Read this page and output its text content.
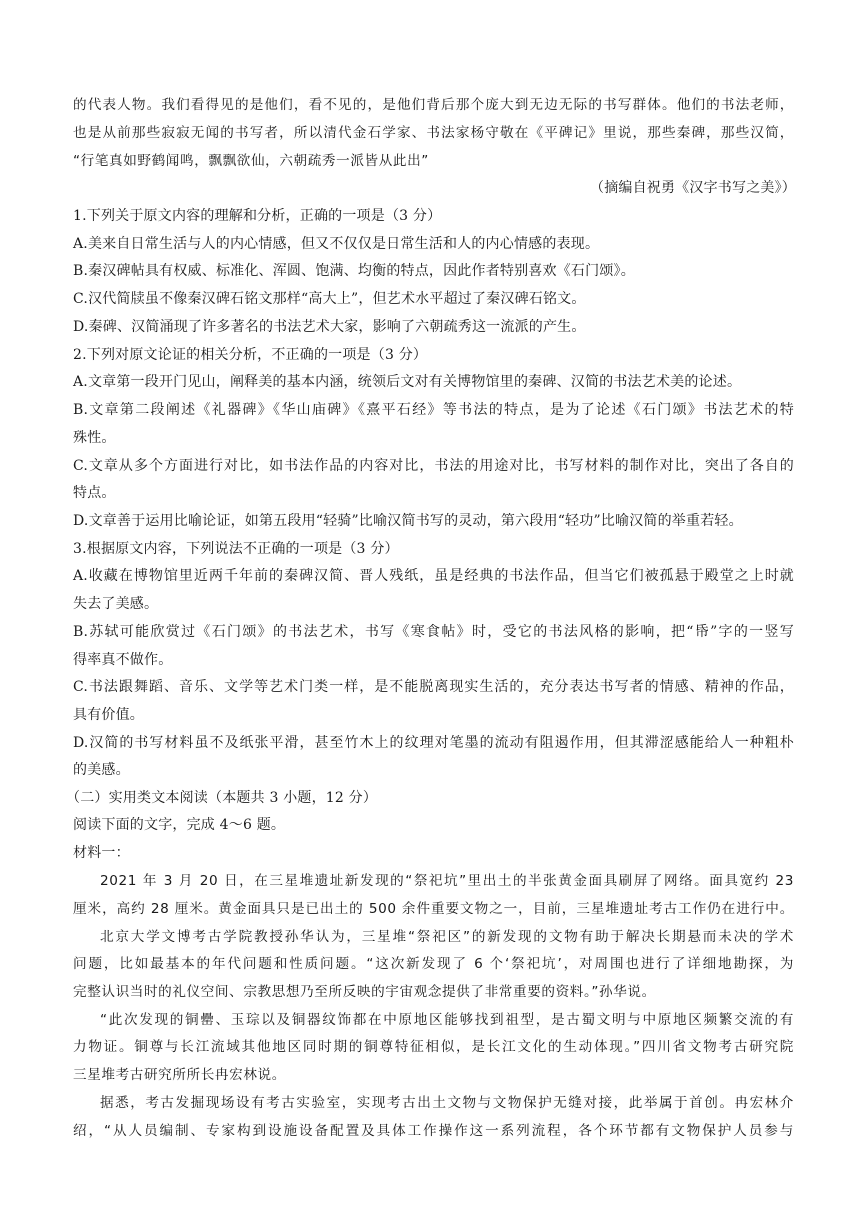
的代表人物。我们看得见的是他们，看不见的，是他们背后那个庞大到无边无际的书写群体。他们的书法老师，
也是从前那些寂寂无闻的书写者，所以清代金石学家、书法家杨守敬在《平碑记》里说，那些秦碑，那些汉简，
“行笔真如野鹤闻鸣，飘飘欲仙，六朝疏秀一派皆从此出”
（摘编自祝勇《汉字书写之美》）
1.下列关于原文内容的理解和分析，正确的一项是（3 分）
A.美来自日常生活与人的内心情感，但又不仅仅是日常生活和人的内心情感的表现。
B.秦汉碑帖具有权威、标准化、浑圆、饱满、均衡的特点，因此作者特别喜欢《石门颂》。
C.汉代简牍虽不像秦汉碑石铭文那样“高大上”，但艺术水平超过了秦汉碑石铭文。
D.秦碑、汉简涌现了许多著名的书法艺术大家，影响了六朝疏秀这一流派的产生。
2.下列对原文论证的相关分析，不正确的一项是（3 分）
A.文章第一段开门见山，阐释美的基本内涵，统领后文对有关博物馆里的秦碑、汉简的书法艺术美的论述。
B.文章第二段阐述《礼器碑》《华山庙碑》《熹平石经》等书法的特点，是为了论述《石门颂》书法艺术的特
殊性。
C.文章从多个方面进行对比，如书法作品的内容对比，书法的用途对比，书写材料的制作对比，突出了各自的
特点。
D.文章善于运用比喻论证，如第五段用“轻骑”比喻汉简书写的灵动，第六段用“轻功”比喻汉简的举重若轻。
3.根据原文内容，下列说法不正确的一项是（3 分）
A.收藏在博物馆里近两千年前的秦碑汉简、晋人残纸，虽是经典的书法作品，但当它们被孤悬于殿堂之上时就
失去了美感。
B.苏轼可能欣赏过《石门颂》的书法艺术，书写《寒食帖》时，受它的书法风格的影响，把“帋”字的一竖写
得率真不做作。
C.书法跟舞蹈、音乐、文学等艺术门类一样，是不能脱离现实生活的，充分表达书写者的情感、精神的作品，
具有价值。
D.汉简的书写材料虽不及纸张平滑，甚至竹木上的纹理对笔墨的流动有阻遏作用，但其滞涩感能给人一种粗朴
的美感。
（二）实用类文本阅读（本题共 3 小题，12 分）
阅读下面的文字，完成 4～6 题。
材料一：
2021 年 3 月 20 日，在三星堆遗址新发现的“祭祀坑”里出土的半张黄金面具刷屏了网络。面具宽约 23
厘米，高约 28 厘米。黄金面具只是已出土的 500 余件重要文物之一，目前，三星堆遗址考古工作仍在进行中。
北京大学文博考古学院教授孙华认为，三星堆“祭祀区”的新发现的文物有助于解决长期悬而未决的学术
问题，比如最基本的年代问题和性质问题。“这次新发现了 6 个‘祭祀坑’，对周围也进行了详细地勘探，为
完整认识当时的礼仪空间、宗教思想乃至所反映的宇宙观念提供了非常重要的资料。”孙华说。
“此次发现的铜罍、玉琮以及铜器纹饰都在中原地区能够找到祖型，是古蜀文明与中原地区频繁交流的有
力物证。铜尊与长江流域其他地区同时期的铜尊特征相似，是长江文化的生动体现。”四川省文物考古研究院
三星堆考古研究所所长冉宏林说。
据悉，考古发掘现场设有考古实验室，实现考古出土文物与文物保护无缝对接，此举属于首创。冉宏林介
绍，“从人员编制、专家构到设施设备配置及具体工作操作这一系列流程，各个环节都有文物保护人员参与
